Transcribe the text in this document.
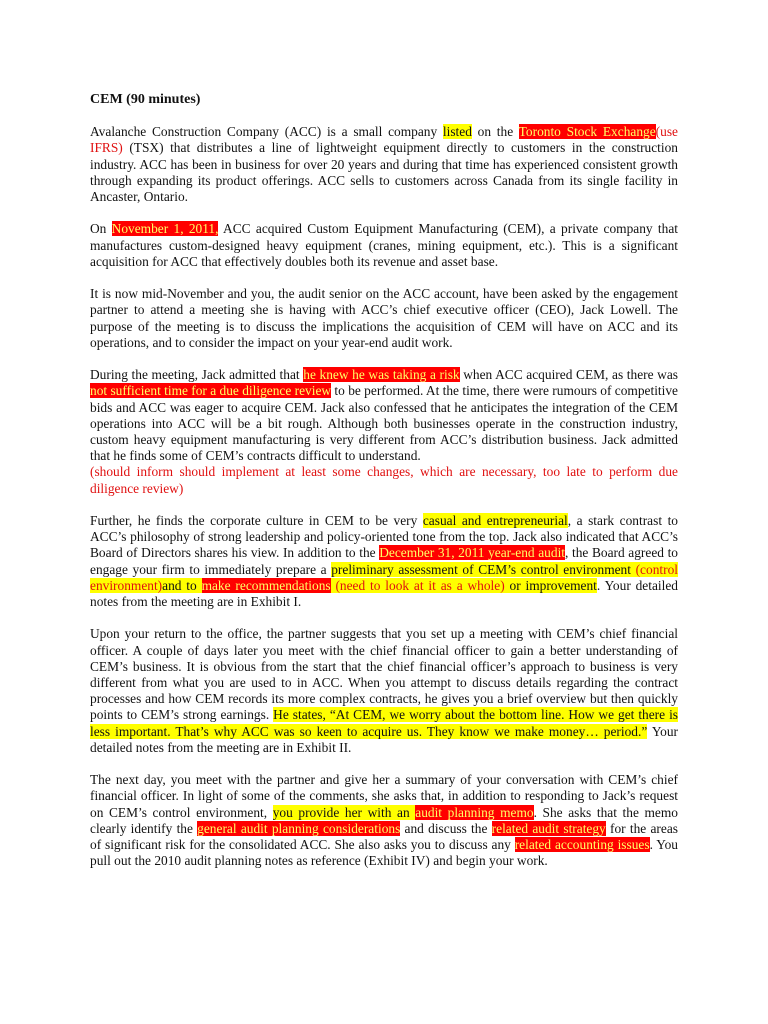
CEM (90 minutes)

Avalanche Construction Company (ACC) is a small company listed on the Toronto Stock Exchange(use IFRS) (TSX) that distributes a line of lightweight equipment directly to customers in the construction industry. ACC has been in business for over 20 years and during that time has experienced consistent growth through expanding its product offerings. ACC sells to customers across Canada from its single facility in Ancaster, Ontario.

On November 1, 2011, ACC acquired Custom Equipment Manufacturing (CEM), a private company that manufactures custom-designed heavy equipment (cranes, mining equipment, etc.). This is a significant acquisition for ACC that effectively doubles both its revenue and asset base.

It is now mid-November and you, the audit senior on the ACC account, have been asked by the engagement partner to attend a meeting she is having with ACC’s chief executive officer (CEO), Jack Lowell. The purpose of the meeting is to discuss the implications the acquisition of CEM will have on ACC and its operations, and to consider the impact on your year-end audit work.

During the meeting, Jack admitted that he knew he was taking a risk when ACC acquired CEM, as there was not sufficient time for a due diligence review to be performed. At the time, there were rumours of competitive bids and ACC was eager to acquire CEM. Jack also confessed that he anticipates the integration of the CEM operations into ACC will be a bit rough. Although both businesses operate in the construction industry, custom heavy equipment manufacturing is very different from ACC’s distribution business. Jack admitted that he finds some of CEM’s contracts difficult to understand.
(should inform should implement at least some changes, which are necessary, too late to perform due diligence review)

Further, he finds the corporate culture in CEM to be very casual and entrepreneurial, a stark contrast to ACC’s philosophy of strong leadership and policy-oriented tone from the top. Jack also indicated that ACC’s Board of Directors shares his view. In addition to the December 31, 2011 year-end audit, the Board agreed to engage your firm to immediately prepare a preliminary assessment of CEM’s control environment (control environment)and to make recommendations (need to look at it as a whole) or improvement. Your detailed notes from the meeting are in Exhibit I.

Upon your return to the office, the partner suggests that you set up a meeting with CEM’s chief financial officer. A couple of days later you meet with the chief financial officer to gain a better understanding of CEM’s business. It is obvious from the start that the chief financial officer’s approach to business is very different from what you are used to in ACC. When you attempt to discuss details regarding the contract processes and how CEM records its more complex contracts, he gives you a brief overview but then quickly points to CEM’s strong earnings. He states, “At CEM, we worry about the bottom line. How we get there is less important. That’s why ACC was so keen to acquire us. They know we make money… period.” Your detailed notes from the meeting are in Exhibit II.

The next day, you meet with the partner and give her a summary of your conversation with CEM’s chief financial officer. In light of some of the comments, she asks that, in addition to responding to Jack’s request on CEM’s control environment, you provide her with an audit planning memo. She asks that the memo clearly identify the general audit planning considerations and discuss the related audit strategy for the areas of significant risk for the consolidated ACC. She also asks you to discuss any related accounting issues. You pull out the 2010 audit planning notes as reference (Exhibit IV) and begin your work.
